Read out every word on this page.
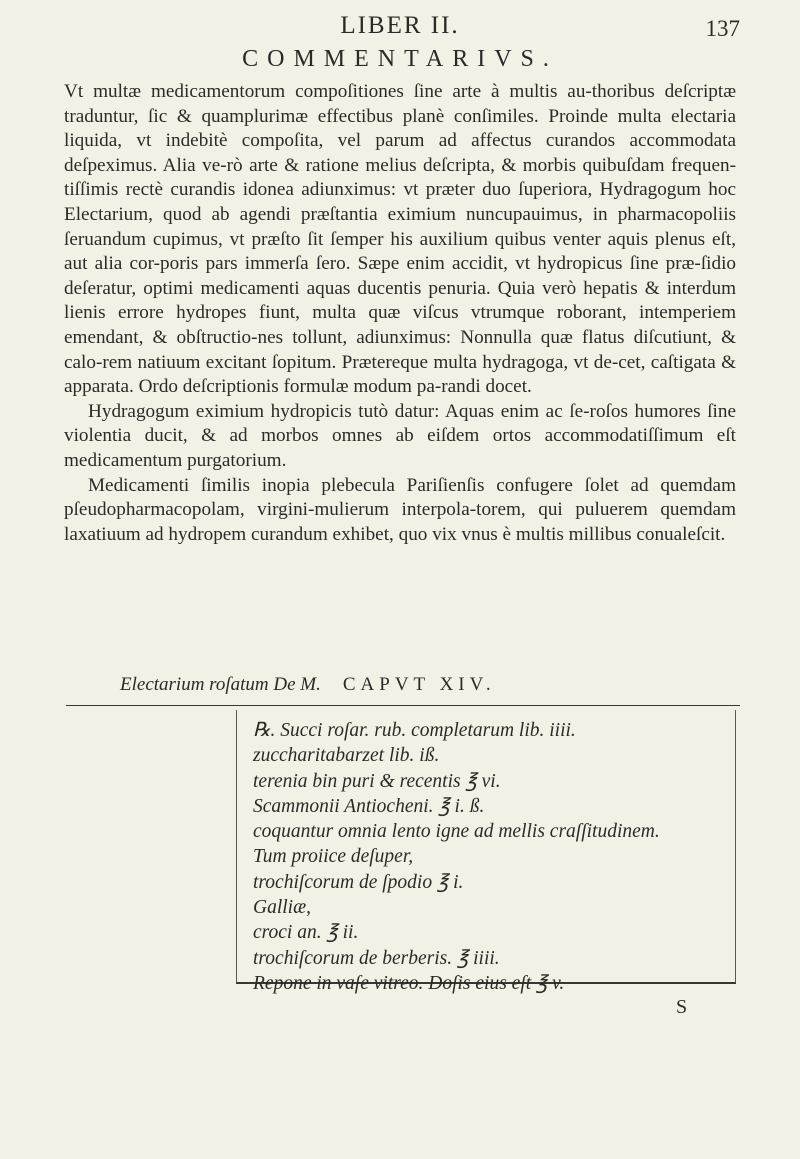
LIBER II.	137
COMMENTARIVS.

Vt multæ medicamentorum compoſitiones ſine arte à multis au-thoribus deſcriptæ traduntur, ſic & quamplurimæ effectibus planè conſimiles. Proinde multa electaria liquida, vt indebitè compoſita, vel parum ad affectus curandos accommodata deſpeximus. Alia ve-rò arte & ratione melius deſcripta, & morbis quibuſdam frequen-tiſſimis rectè curandis idonea adiunximus: vt præter duo ſuperiora, Hydragogum hoc Electarium, quod ab agendi præſtantia eximium nuncupauimus, in pharmacopoliis ſeruandum cupimus, vt præſto ſit ſemper his auxilium quibus venter aquis plenus eſt, aut alia cor-poris pars immerſa ſero. Sæpe enim accidit, vt hydropicus ſine præ-ſidio deſeratur, optimi medicamenti aquas ducentis penuria. Quia verò hepatis & interdum lienis errore hydropes fiunt, multa quæ viſcus vtrumque roborant, intemperiem emendant, & obſtructio-nes tollunt, adiunximus: Nonnulla quæ flatus diſcutiunt, & calo-rem natiuum excitant ſopitum. Prætereque multa hydragoga, vt de-cet, caſtigata & apparata. Ordo deſcriptionis formulæ modum pa-randi docet.

Hydragogum eximium hydropicis tutò datur: Aquas enim ac ſe-roſos humores ſine violentia ducit, & ad morbos omnes ab eiſdem ortos accommodatiſſimum eſt medicamentum purgatorium.

Medicamenti ſimilis inopia plebecula Pariſienſis confugere ſolet ad quemdam pſeudopharmacopolam, virgini-mulierum interpola-torem, qui puluerem quemdam laxatiuum ad hydropem curandum exhibet, quo vix vnus è multis millibus conualeſcit.

Electarium roſatum De M. CAPVT XIV.
℞. Succi roſar. rub. completarum lib. iiii.
zuccharitabarzet lib. iß.
terenia bin puri & recentis ℥ vi.
Scammonii Antiocheni. ℥ i. ß.
coquantur omnia lento igne ad mellis craſſitudinem.
Tum proiice deſuper,
trochiſcorum de ſpodio ℥ i.
Galliæ,
croci an. ℥ ii.
trochiſcorum de berberis. ℥ iiii.
Repone in vaſe vitreo. Doſis eius eſt ℥ v.
S
